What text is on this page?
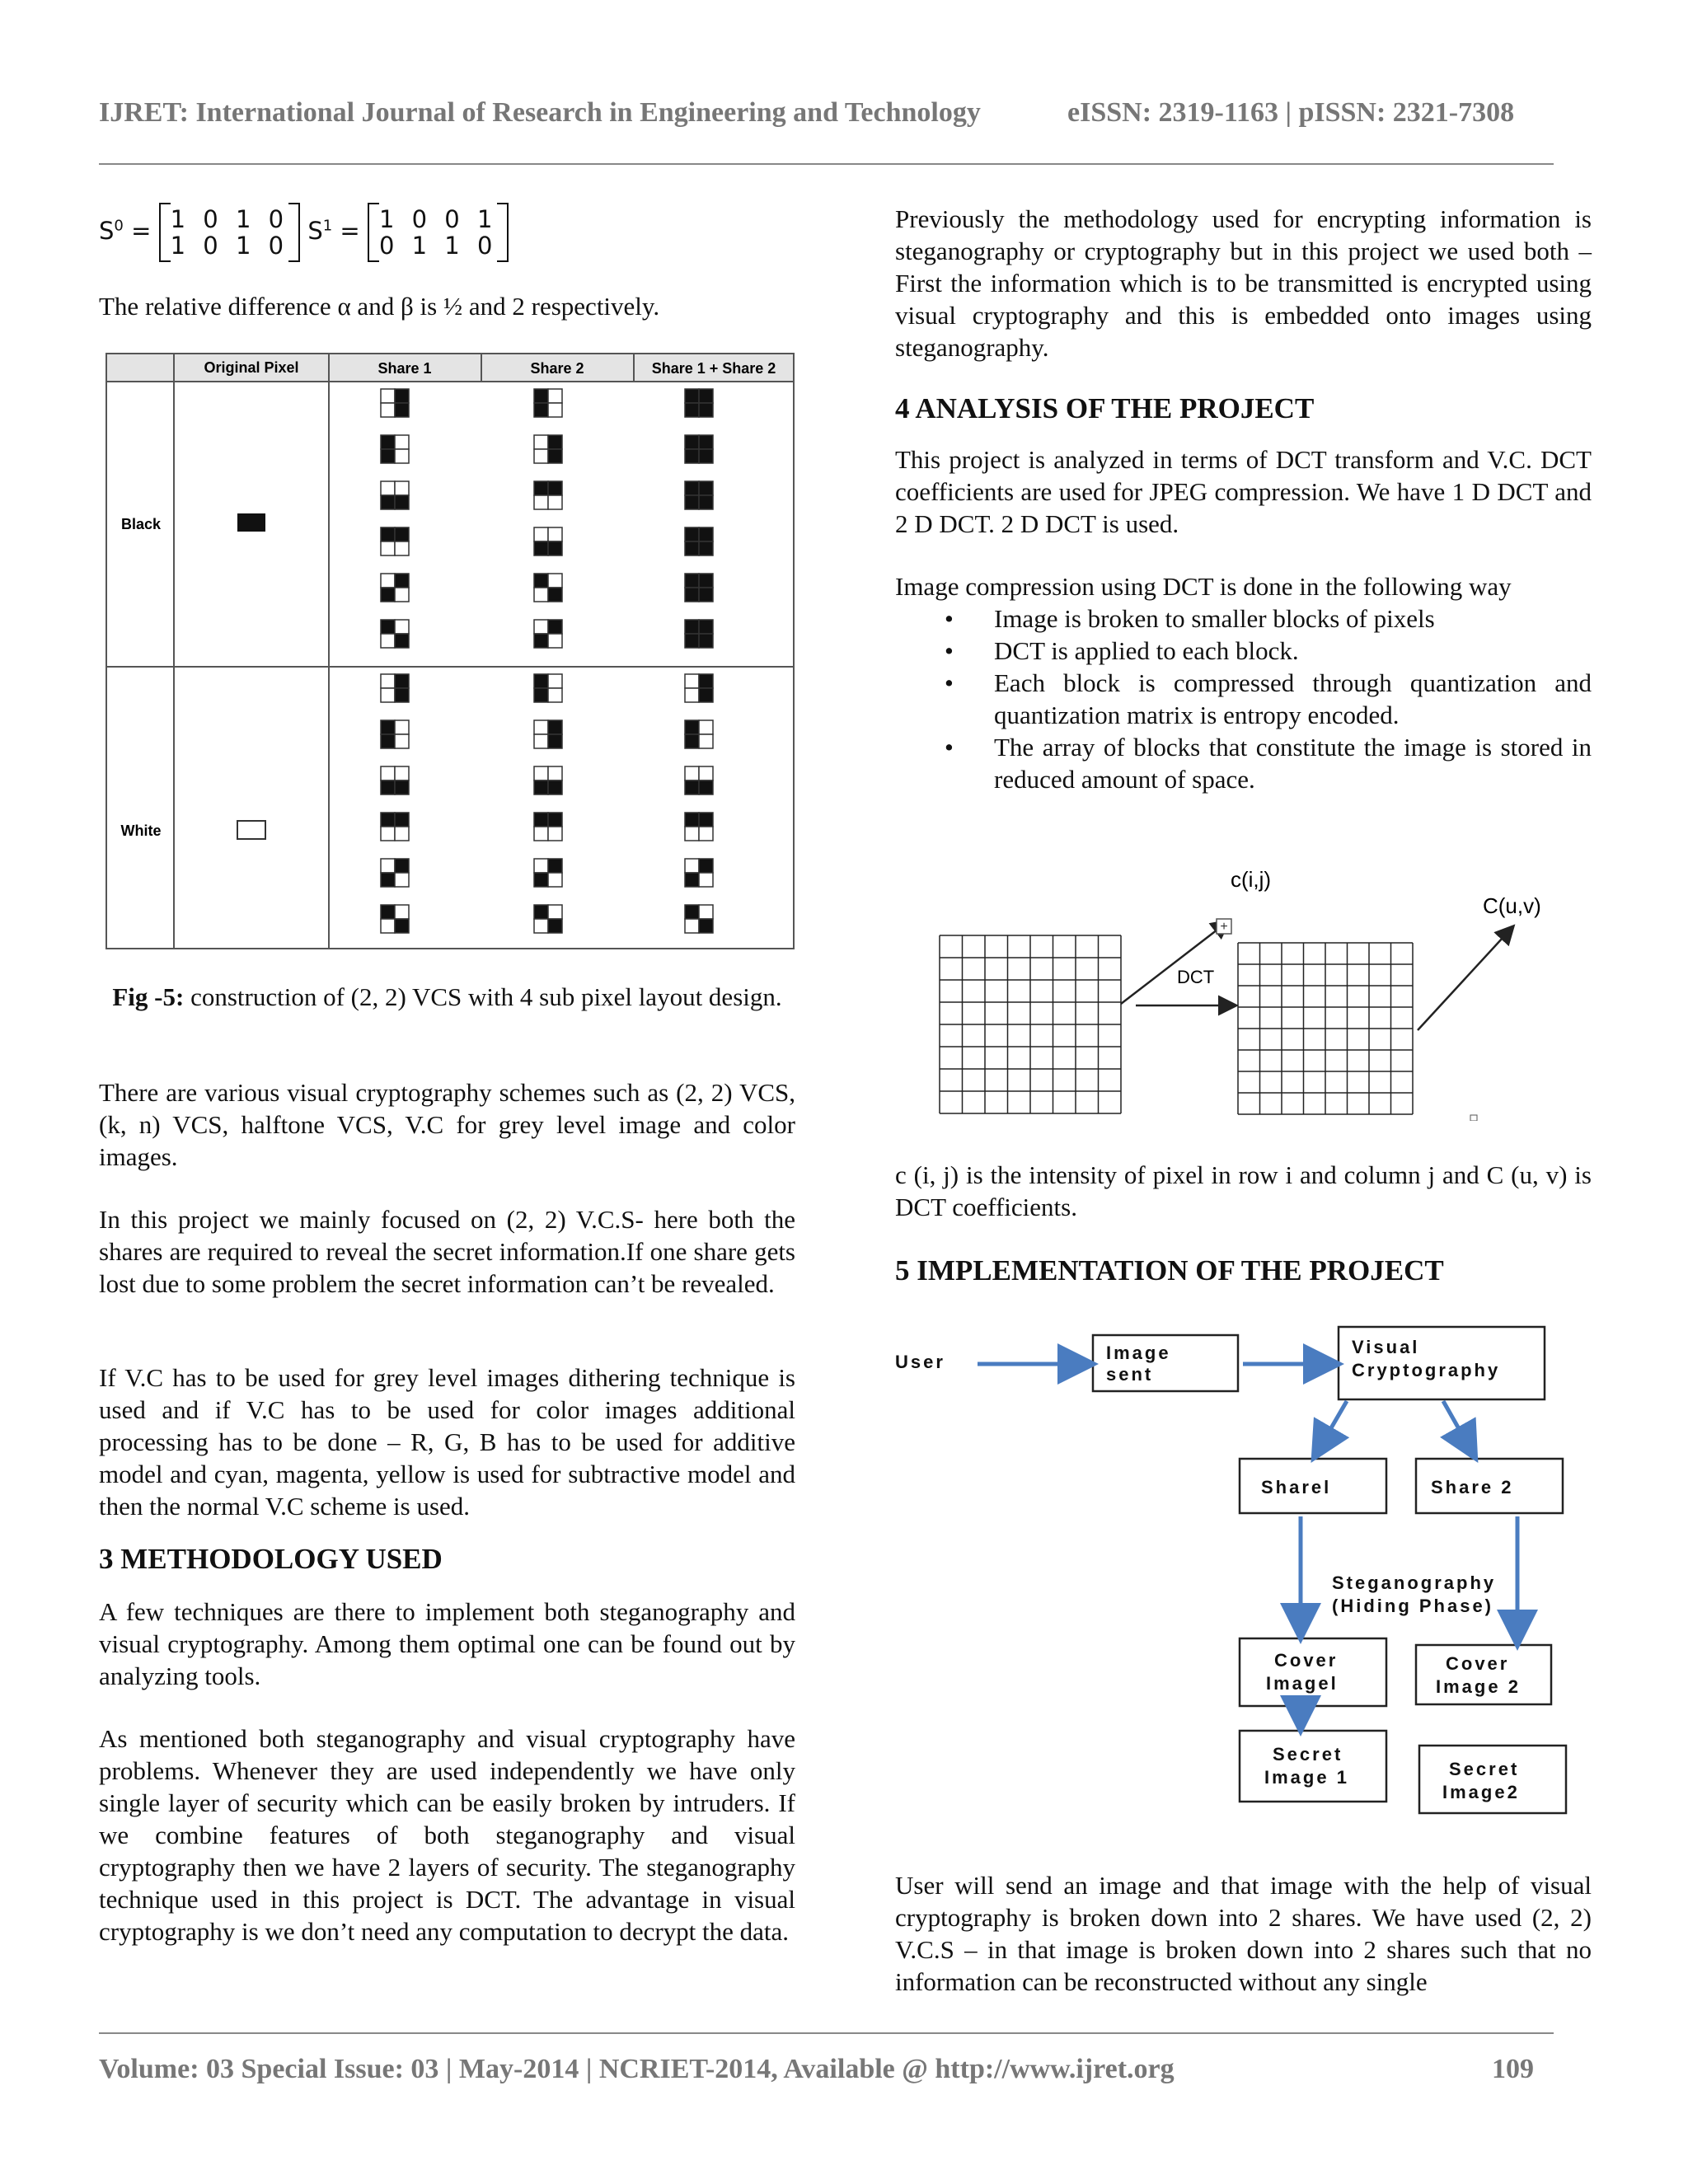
IJRET: International Journal of Research in Engineering and Technology	eISSN: 2319-1163 | pISSN: 2321-7308
$S^0 = 1$ 0 1 0
1 0 1 0 $S^1 = 1$ 0 0 1
0 1 1 0

The relative difference α and β is ½ and 2 respectively.

Original Pixel	Share 1	Share 2	Share 1 + Share 2
Black
White

Fig -5: construction of (2, 2) VCS with 4 sub pixel layout design.

There are various visual cryptography schemes such as (2, 2) VCS, (k, n) VCS, halftone VCS, V.C for grey level image and color images.

In this project we mainly focused on (2, 2) V.C.S- here both the shares are required to reveal the secret information.If one share gets lost due to some problem the secret information can’t be revealed.

If V.C has to be used for grey level images dithering technique is used and if V.C has to be used for color images additional processing has to be done – R, G, B has to be used for additive model and cyan, magenta, yellow is used for subtractive model and then the normal V.C scheme is used.

3 METHODOLOGY USED

A few techniques are there to implement both steganography and visual cryptography. Among them optimal one can be found out by analyzing tools.

As mentioned both steganography and visual cryptography have problems. Whenever they are used independently we have only single layer of security which can be easily broken by intruders. If we combine features of both steganography and visual cryptography then we have 2 layers of security. The steganography technique used in this project is DCT. The advantage in visual cryptography is we don’t need any computation to decrypt the data.

Previously the methodology used for encrypting information is steganography or cryptography but in this project we used both – First the information which is to be transmitted is encrypted using visual cryptography and this is embedded onto images using steganography.

4 ANALYSIS OF THE PROJECT

This project is analyzed in terms of DCT transform and V.C. DCT coefficients are used for JPEG compression. We have 1 D DCT and 2 D DCT. 2 D DCT is used.

Image compression using DCT is done in the following way

• Image is broken to smaller blocks of pixels
• DCT is applied to each block.
• Each block is compressed through quantization and quantization matrix is entropy encoded.
• The array of blocks that constitute the image is stored in reduced amount of space.
+
DCT
c(i,j)
C(u,v)

c (i, j) is the intensity of pixel in row i and column j and C (u, v) is DCT coefficients.

5 IMPLEMENTATION OF THE PROJECT
User	Image
sent
Visual
Cryptography
Sharel	Share 2
Steganography
(Hiding Phase)
Cover
Imagel
Cover
Image 2
Secret
Image 1	Secret
Image2

User will send an image and that image with the help of visual cryptography is broken down into 2 shares. We have used (2, 2) V.C.S – in that image is broken down into 2 shares such that no information can be reconstructed without any single

Volume: 03 Special Issue: 03 | May-2014 | NCRIET-2014, Available @ http://www.ijret.org	109
